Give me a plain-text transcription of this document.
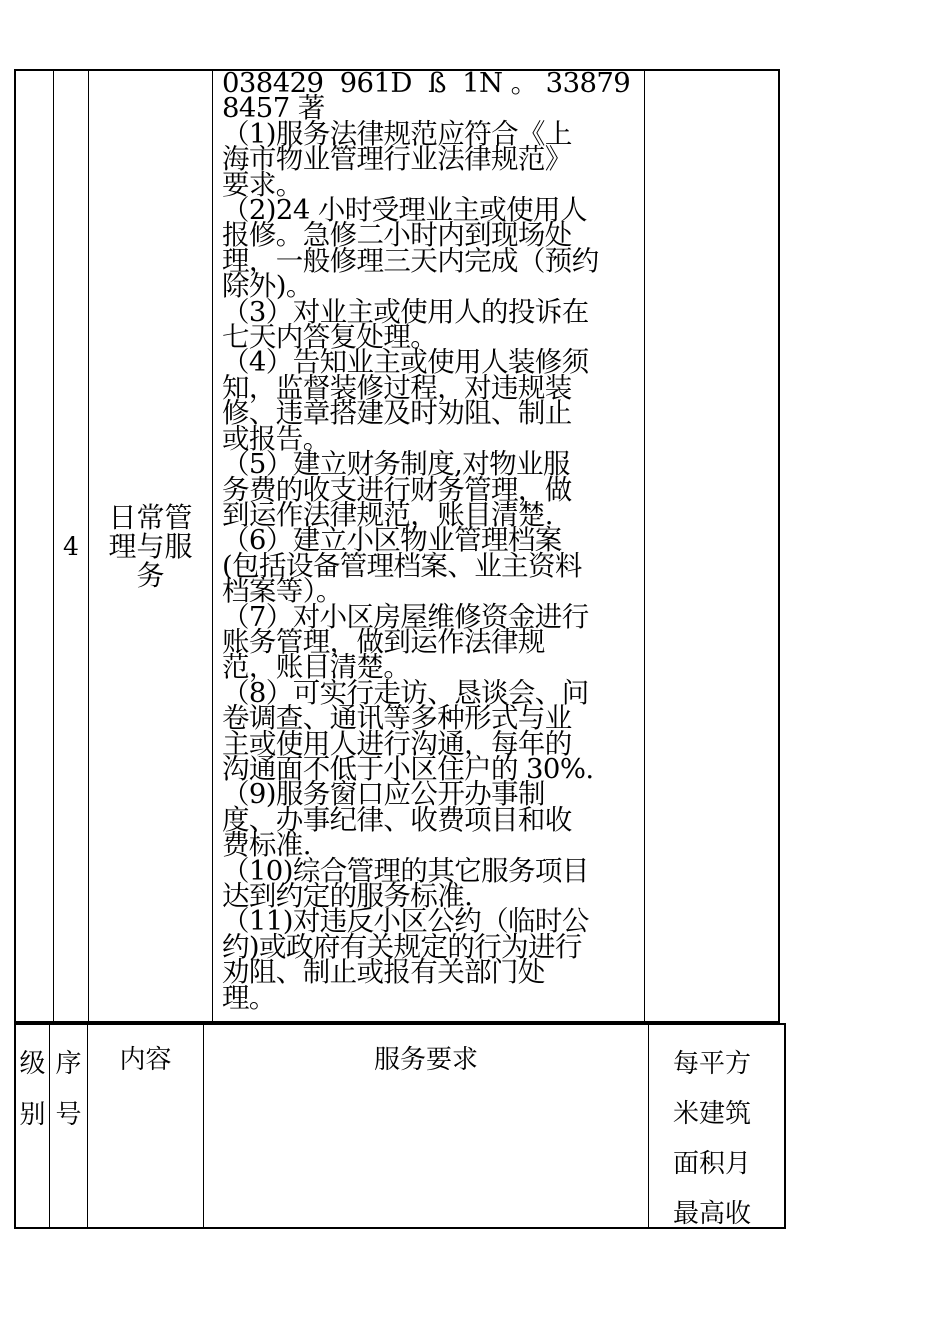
4
日常管理与服务
038429  961D  ß  1N 。 33879
8457 著
（1)服务法律规范应符合《上
海市物业管理行业法律规范》
要求。
（2)24 小时受理业主或使用人
报修。急修二小时内到现场处
理，一般修理三天内完成（预约
除外)。
（3）对业主或使用人的投诉在
七天内答复处理。
（4）告知业主或使用人装修须
知，监督装修过程，对违规装
修、违章搭建及时劝阻、制止
或报告。
（5）建立财务制度,对物业服
务费的收支进行财务管理，做
到运作法律规范，账目清楚.
（6）建立小区物业管理档案
(包括设备管理档案、业主资料
档案等）。
（7）对小区房屋维修资金进行
账务管理，做到运作法律规
范，账目清楚。
（8）可实行走访、恳谈会、问
卷调查、通讯等多种形式与业
主或使用人进行沟通，每年的
沟通面不低于小区住户的 30%.
（9)服务窗口应公开办事制
度、办事纪律、收费项目和收
费标准.
（10)综合管理的其它服务项目
达到约定的服务标准.
（11)对违反小区公约（临时公
约)或政府有关规定的行为进行
劝阻、制止或报有关部门处
理。
级
别
序
号
内容	服务要求	每平方
米建筑
面积月
最高收
